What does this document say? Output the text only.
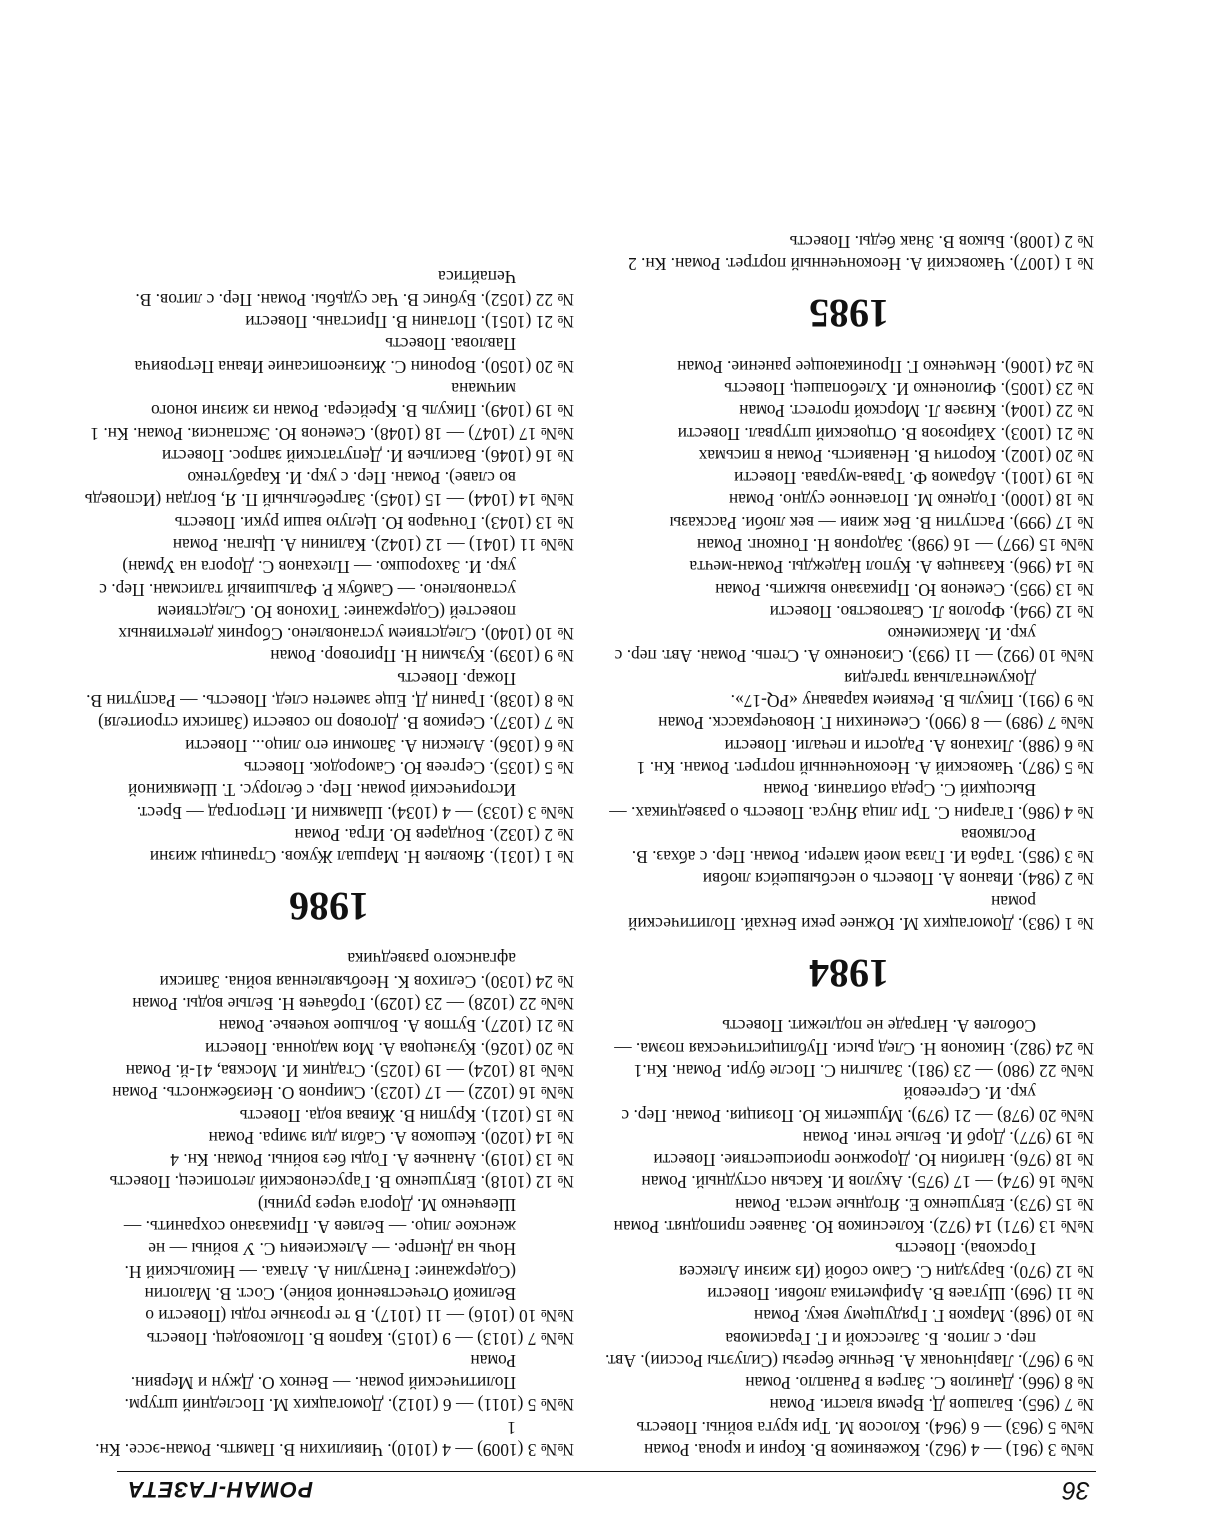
36
РОМАН-ГАЗЕТА
№№ 3 (961) — 4 (962). Кожевников В. Корни и крона. Роман
№№ 5 (963) — 6 (964). Колосов М. Три круга войны. Повесть
№ 7 (965). Балашов Д. Время власти. Роман
№ 8 (966). Данилов С. Загрея в Ранапло. Роман
№ 9 (967). Лаврінчонак А. Вечные березы (Силуэты России). Авт. пер. с литов. Б. Залесской и Г. Герасимова
№ 10 (968). Марков Г. Грядущему веку. Роман
№ 11 (969). Шугаев В. Арифметика любви. Повести
№ 12 (970). Баруздин С. Само собой (Из жизни Алексея Горскова). Повесть
№№ 13 (971) 14 (972). Колесников Ю. Занавес приподнят. Роман
№ 15 (973). Евтушенко Е. Ягодные места. Роман
№№ 16 (974) — 17 (975). Акулов И. Касьян остудный. Роман
№ 18 (976). Нагибин Ю. Дорожное происшествие. Повести
№ 19 (977). Дорб И. Белые тени. Роман
№№ 20 (978) — 21 (979). Мушкетик Ю. Позиция. Роман. Пер. с укр. И. Сергеевой
№№ 22 (980) — 23 (981). Залыгин С. После бури. Роман. Кн.1
№ 24 (982). Никонов Н. След рыси. Публицистическая поэма. — Соболев А. Награде не подлежит. Повесть
1984
№ 1 (983). Домогацких М. Южнее реки Бенхай. Политический роман
№ 2 (984). Иванов А. Повесть о несбывшейся любви
№ 3 (985). Тарба И. Глаза моей матери. Роман. Пер. с абхаз. В. Росляковa
№ 4 (986). Гагарин С. Три лица Януса. Повесть о разведчиках. — Высоцкий С. Среда обитания. Роман
№ 5 (987). Чаковский А. Неоконченный портрет. Роман. Кн. 1
№ 6 (988). Лиханов А. Радости и печали. Повести
№№ 7 (989) — 8 (990). Семенихин Г. Новочеркасск. Роман
№ 9 (991). Пикуль В. Реквием каравану «PQ-17». Документальная трагедия
№№ 10 (992) — 11 (993). Сизоненко А. Степь. Роман. Авт. пер. с укр. И. Максименко
№ 12 (994). Фролов Л. Сватовство. Повести
№ 13 (995). Семенов Ю. Приказано выжить. Роман
№ 14 (996). Казанцев А. Купол Надежды. Роман-мечта
№№ 15 (997) — 16 (998). Задорнов Н. Гонконг. Роман
№ 17 (999). Распутин В. Век живи — век люби. Рассказы
№ 18 (1000). Годенко М. Потаенное судно. Роман
№ 19 (1001). Абрамов Ф. Трава-мурава. Повести
№ 20 (1002). Коротич В. Ненависть. Роман в письмах
№ 21 (1003). Хайрюзов В. Отцовский штурвал. Повести
№ 22 (1004). Князев Л. Морской протест. Роман
№ 23 (1005). Филоненко И. Хлебопашец. Повесть
№ 24 (1006). Немченко Г. Проникающее ранение. Роман
1985
№ 1 (1007). Чаковский А. Неоконченный портрет. Роман. Кн. 2
№ 2 (1008). Быков В. Знак беды. Повесть
№№ 3 (1009) — 4 (1010). Чивилихин В. Память. Роман-эссе. Кн. 1
№№ 5 (1011) — 6 (1012). Домогацких М. Последний штурм. Политический роман. — Венюх О. Джун и Мервин. Роман
№№ 7 (1013) — 9 (1015). Карпов В. Полководец. Повесть
№№ 10 (1016) — 11 (1017). В те грозные годы (Повести о Великой Отечественной войне). Сост. В. Малогин (Содержание: Генатулин А. Атака. — Никольский Н. Ночь на Днепре. — Алексиевич С. У войны — не женское лицо. — Беляев А. Приказано сохранить. — Шевченко М. Дорога через руины)
№ 12 (1018). Евтушенко В. Гарусеновский летописец. Повесть
№ 13 (1019). Ананьев А. Годы без войны. Роман. Кн. 4
№ 14 (1020). Кешоков А. Сабля для эмира. Роман
№ 15 (1021). Крупин В. Живая вода. Повесть
№№ 16 (1022) — 17 (1023). Смирнов О. Неизбежность. Роман
№№ 18 (1024) — 19 (1025). Стадник И. Москва, 41-й. Роман
№ 20 (1026). Кузнецова А. Моя мадонна. Повести
№ 21 (1027). Бутпов А. Большое кочевье. Роман
№№ 22 (1028) — 23 (1029). Горбачев Н. Белые воды. Роман
№ 24 (1030). Селихов К. Необъявленная война. Записки афганского разведчика
1986
№ 1 (1031). Яковлев Н. Маршал Жуков. Страницы жизни
№ 2 (1032). Бондарев Ю. Игра. Роман
№№ 3 (1033) — 4 (1034). Шамякин И. Петроград — Брест. Исторический роман. Пер. с белорус. Т. Шемякиной
№ 5 (1035). Сергеев Ю. Самородок. Повесть
№ 6 (1036). Алексин А. Запомни его лицо... Повести
№ 7 (1037). Сериков В. Договор по совести (Записки строителя)
№ 8 (1038). Гранин Д. Еще заметен след. Повесть. — Распутин В. Пожар. Повесть
№ 9 (1039). Кузьмин Н. Приговор. Роман
№ 10 (1040). Следствием установлено. Сборник детективных повестей (Содержание: Тихонов Ю. Следствием установлено. — Самбук Р. Фальшивый талисман. Пер. с укр. И. Захорошко. — Плеханов С. Дорога на Урман)
№№ 11 (1041) — 12 (1042). Калинин А. Цыган. Роман
№ 13 (1043). Гончаров Ю. Целую ваши руки. Повесть
№№ 14 (1044) — 15 (1045). Загребельный П. Я, Богдан (Исповедь во славе). Роман. Пер. с укр. И. Карабутенко
№ 16 (1046). Васильев И. Депутатский запрос. Повести
№№ 17 (1047) — 18 (1048). Семенов Ю. Экспансия. Роман. Кн. 1
№ 19 (1049). Пикуль В. Крейсера. Роман из жизни юного мичмана
№ 20 (1050). Воронин С. Жизнеописание Ивана Петровича Павлова. Повесть
№ 21 (1051). Потанин В. Пристань. Повести
№ 22 (1052). Бубнис В. Час судьбы. Роман. Пер. с литов. В. Чепайтиса
